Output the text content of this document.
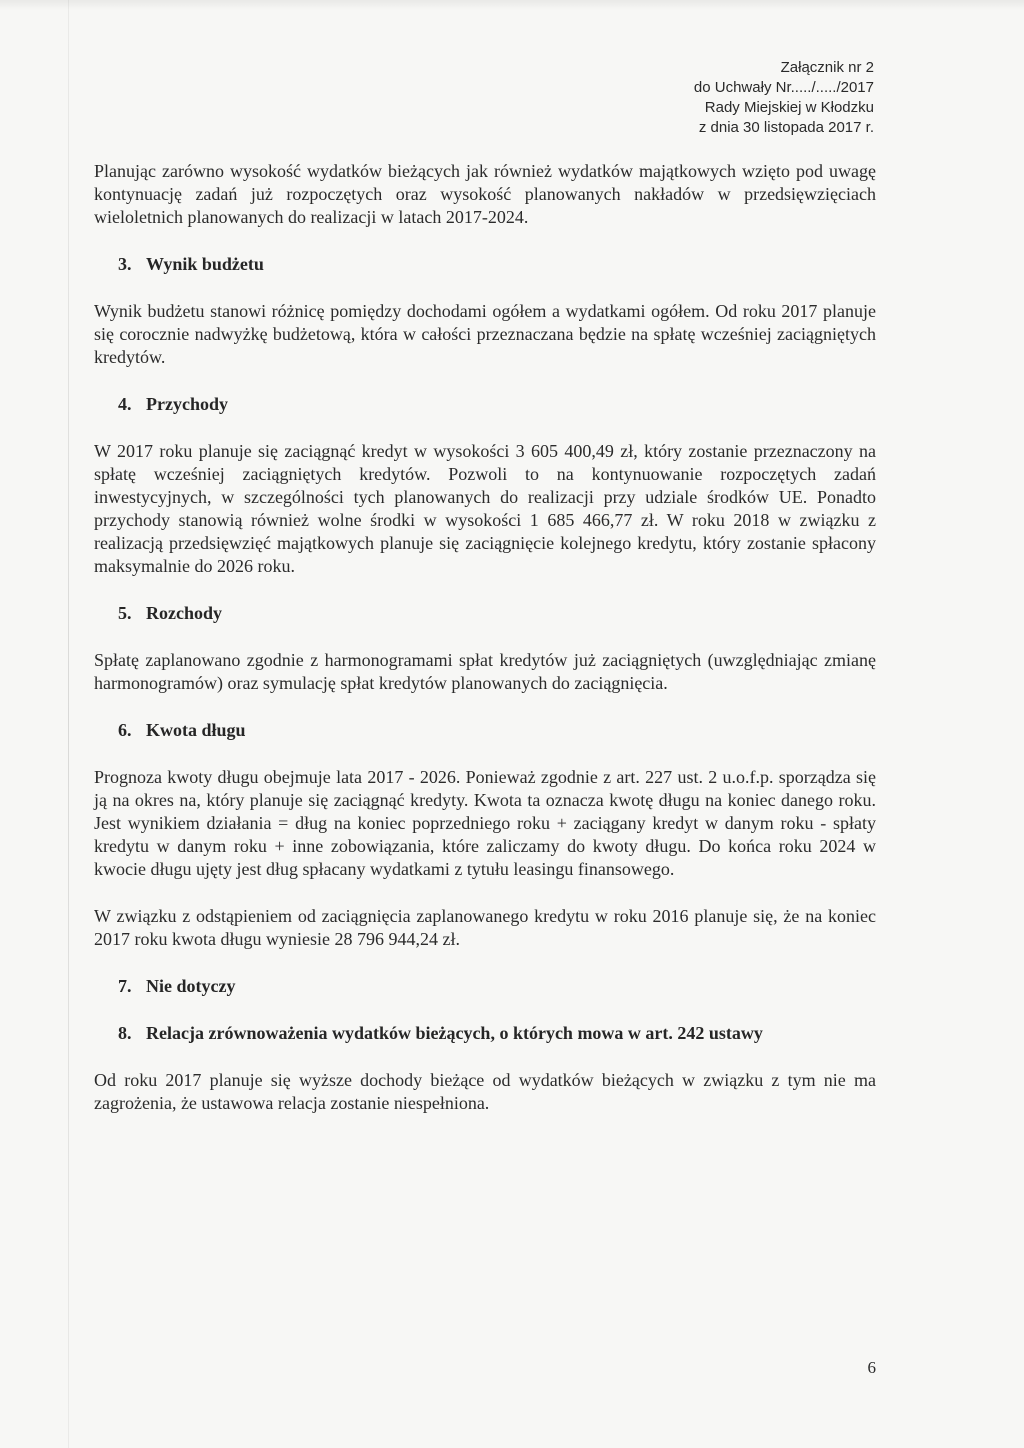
Załącznik nr 2
do Uchwały Nr...../...../2017
Rady Miejskiej w Kłodzku
z dnia 30 listopada 2017 r.

Planując zarówno wysokość wydatków bieżących jak również wydatków majątkowych wzięto pod uwagę kontynuację zadań już rozpoczętych oraz wysokość planowanych nakładów w przedsięwzięciach wieloletnich planowanych do realizacji w latach 2017-2024.

3. Wynik budżetu

Wynik budżetu stanowi różnicę pomiędzy dochodami ogółem a wydatkami ogółem. Od roku 2017 planuje się corocznie nadwyżkę budżetową, która w całości przeznaczana będzie na spłatę wcześniej zaciągniętych kredytów.

4. Przychody

W 2017 roku planuje się zaciągnąć kredyt w wysokości 3 605 400,49 zł, który zostanie przeznaczony na spłatę wcześniej zaciągniętych kredytów. Pozwoli to na kontynuowanie rozpoczętych zadań inwestycyjnych, w szczególności tych planowanych do realizacji przy udziale środków UE. Ponadto przychody stanowią również wolne środki w wysokości 1 685 466,77 zł. W roku 2018 w związku z realizacją przedsięwzięć majątkowych planuje się zaciągnięcie kolejnego kredytu, który zostanie spłacony maksymalnie do 2026 roku.

5. Rozchody

Spłatę zaplanowano zgodnie z harmonogramami spłat kredytów już zaciągniętych (uwzględniając zmianę harmonogramów) oraz symulację spłat kredytów planowanych do zaciągnięcia.

6. Kwota długu

Prognoza kwoty długu obejmuje lata 2017 - 2026. Ponieważ zgodnie z art. 227 ust. 2 u.o.f.p. sporządza się ją na okres na, który planuje się zaciągnąć kredyty. Kwota ta oznacza kwotę długu na koniec danego roku. Jest wynikiem działania = dług na koniec poprzedniego roku + zaciągany kredyt w danym roku - spłaty kredytu w danym roku + inne zobowiązania, które zaliczamy do kwoty długu. Do końca roku 2024 w kwocie długu ujęty jest dług spłacany wydatkami z tytułu leasingu finansowego.

W związku z odstąpieniem od zaciągnięcia zaplanowanego kredytu w roku 2016 planuje się, że na koniec 2017 roku kwota długu wyniesie 28 796 944,24 zł.

7. Nie dotyczy
8. Relacja zrównoważenia wydatków bieżących, o których mowa w art. 242 ustawy

Od roku 2017 planuje się wyższe dochody bieżące od wydatków bieżących w związku z tym nie ma zagrożenia, że ustawowa relacja zostanie niespełniona.

6
